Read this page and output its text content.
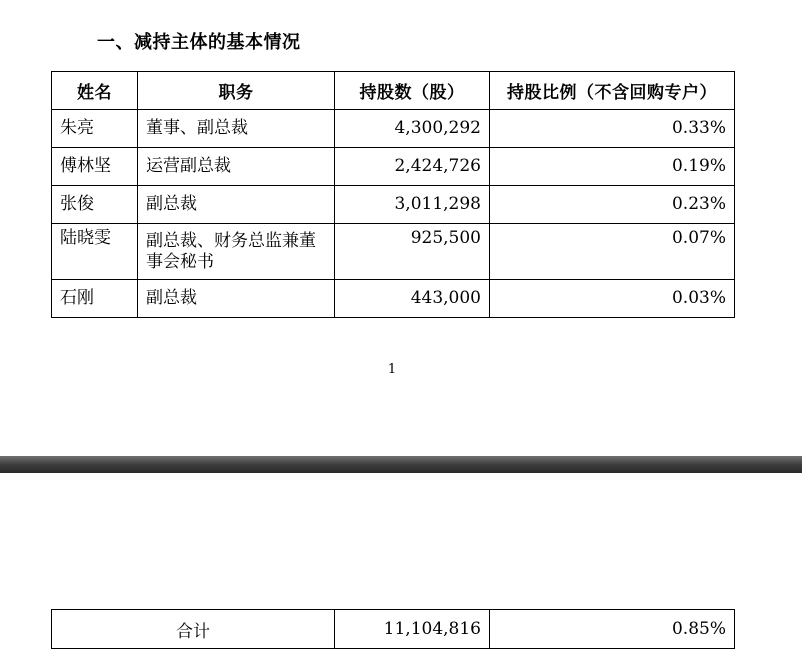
一、减持主体的基本情况
姓名	职务	持股数（股）	持股比例（不含回购专户）
朱亮	董事、副总裁	4,300,292	0.33%
傅林坚	运营副总裁	2,424,726	0.19%
张俊	副总裁	3,011,298	0.23%
陆晓雯	副总裁、财务总监兼董事会秘书	925,500	0.07%
石刚	副总裁	443,000	0.03%
1
合计	11,104,816	0.85%
